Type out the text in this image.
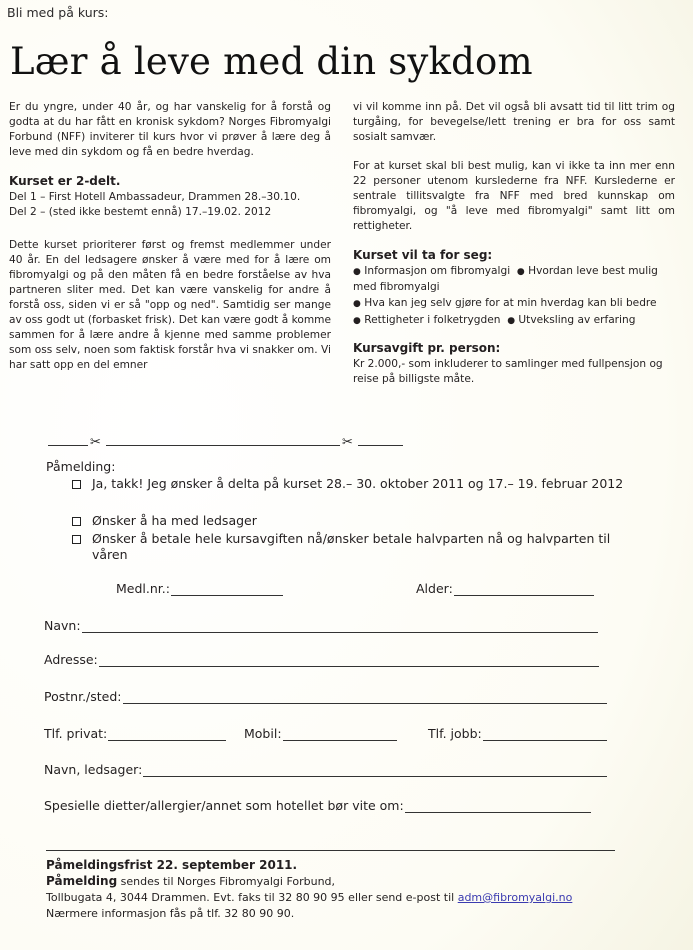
Bli med på kurs:
Lær å leve med din sykdom

Er du yngre, under 40 år, og har vanskelig for å forstå og godta at du har fått en kronisk sykdom? Norges Fibromyalgi Forbund (NFF) inviterer til kurs hvor vi prøver å lære deg å leve med din sykdom og få en bedre hverdag.

Kurset er 2-delt.
Del 1 – First Hotell Ambassadeur, Drammen 28.–30.10.
Del 2 – (sted ikke bestemt ennå) 17.–19.02. 2012

Dette kurset prioriterer først og fremst medlemmer under 40 år. En del ledsagere ønsker å være med for å lære om fibromyalgi og på den måten få en bedre forståelse av hva partneren sliter med. Det kan være vanskelig for andre å forstå oss, siden vi er så "opp og ned". Samtidig ser mange av oss godt ut (forbasket frisk). Det kan være godt å komme sammen for å lære andre å kjenne med samme problemer som oss selv, noen som faktisk forstår hva vi snakker om. Vi har satt opp en del emner

vi vil komme inn på. Det vil også bli avsatt tid til litt trim og turgåing, for bevegelse/lett trening er bra for oss samt sosialt samvær.

For at kurset skal bli best mulig, kan vi ikke ta inn mer enn 22 personer utenom kurslederne fra NFF. Kurslederne er sentrale tillitsvalgte fra NFF med bred kunnskap om fibromyalgi, og "å leve med fibromyalgi" samt litt om rettigheter.

Kurset vil ta for seg:
● Informasjon om fibromyalgi ● Hvordan leve best mulig med fibromyalgi
● Hva kan jeg selv gjøre for at min hverdag kan bli bedre
● Rettigheter i folketrygden ● Utveksling av erfaring
Kursavgift pr. person:
Kr 2.000,- som inkluderer to samlinger med fullpensjon og reise på billigste måte.
✂	✂
Påmelding:
Ja, takk! Jeg ønsker å delta på kurset 28.– 30. oktober 2011 og 17.– 19. februar 2012
Ønsker å ha med ledsager
Ønsker å betale hele kursavgiften nå/ønsker betale halvparten nå og halvparten til våren
Medl.nr.:	Alder:
Navn:
Adresse:
Postnr./sted:
Tlf. privat:	Mobil:	Tlf. jobb:
Navn, ledsager:
Spesielle dietter/allergier/annet som hotellet bør vite om:
Påmeldingsfrist 22. september 2011.
Påmelding sendes til Norges Fibromyalgi Forbund,
Tollbugata 4, 3044 Drammen. Evt. faks til 32 80 90 95 eller send e-post til adm@fibromyalgi.no
Nærmere informasjon fås på tlf. 32 80 90 90.
